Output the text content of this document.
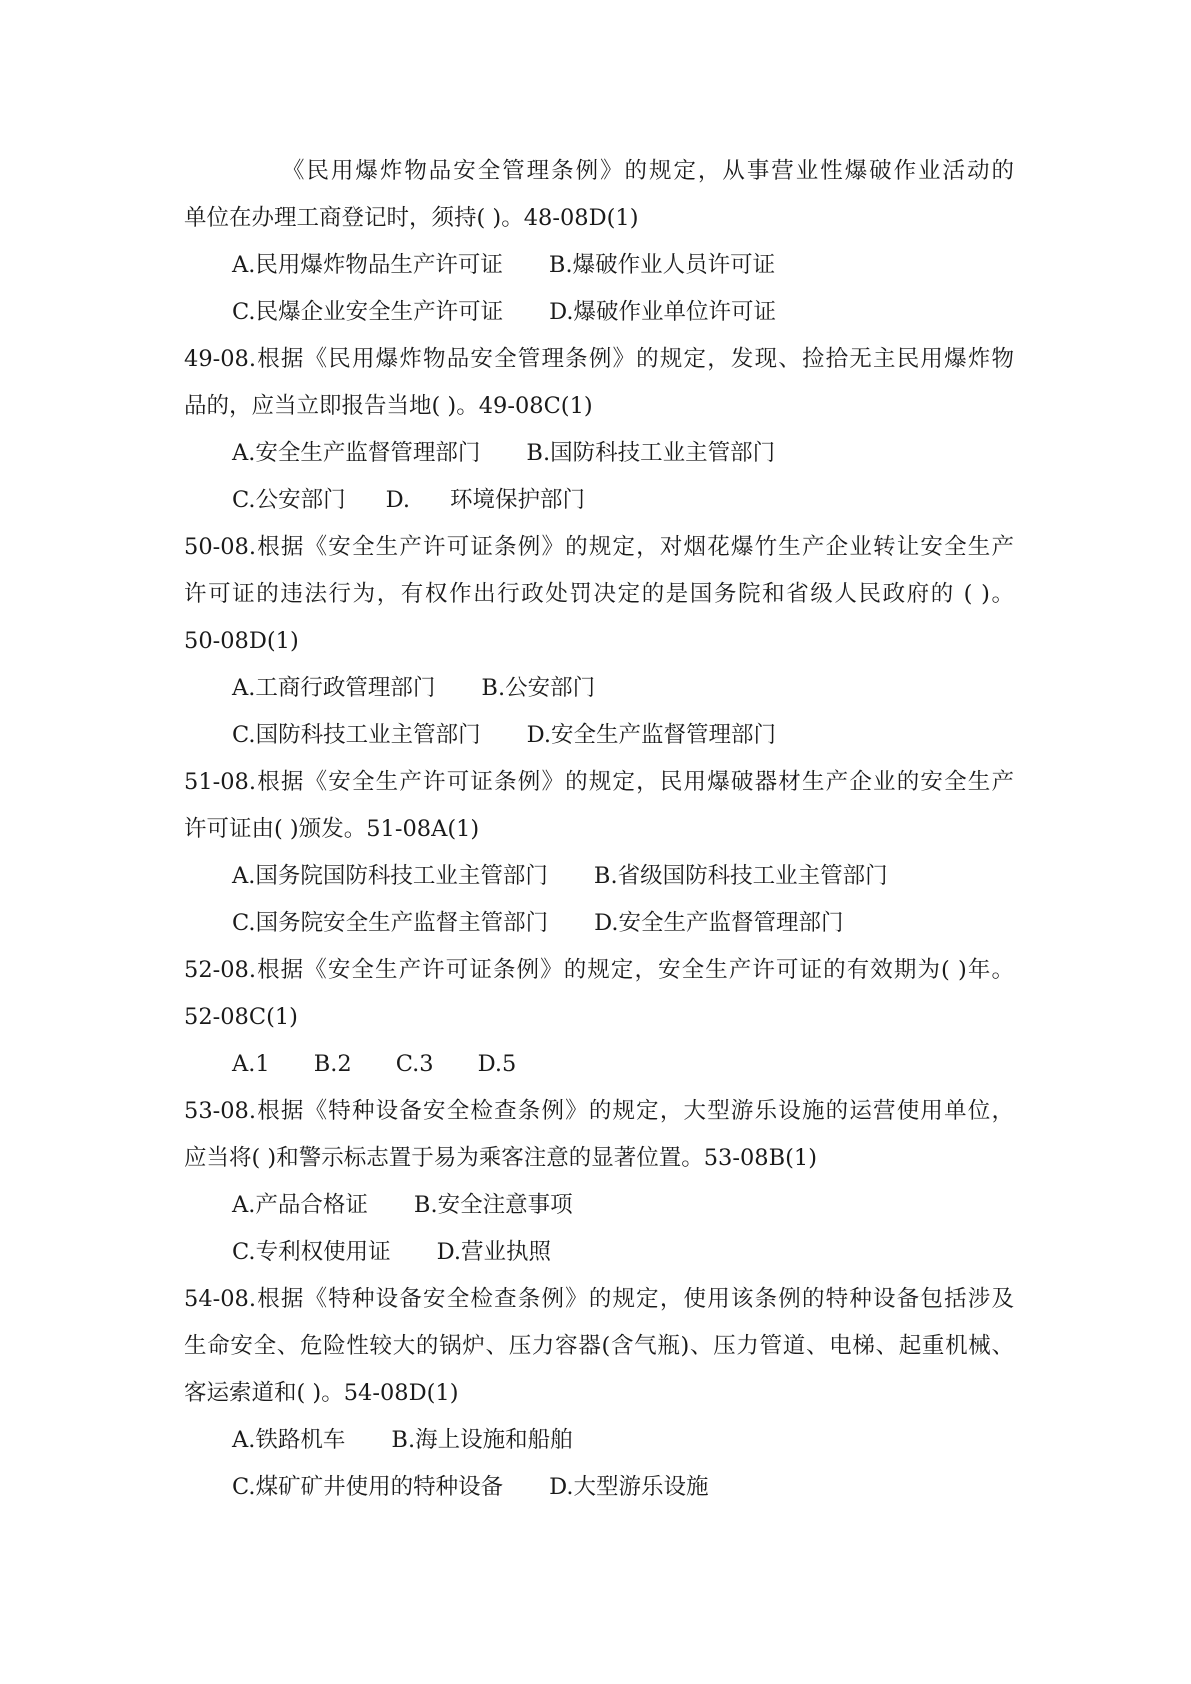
《民用爆炸物品安全管理条例》的规定，从事营业性爆破作业活动的
单位在办理工商登记时，须持( )。48-08D(1)
A.民用爆炸物品生产许可证 B.爆破作业人员许可证
C.民爆企业安全生产许可证 D.爆破作业单位许可证
49-08.根据《民用爆炸物品安全管理条例》的规定，发现、捡拾无主民用爆炸物
品的，应当立即报告当地( )。49-08C(1)
A.安全生产监督管理部门 B.国防科技工业主管部门
C.公安部门 D. 环境保护部门
50-08.根据《安全生产许可证条例》的规定，对烟花爆竹生产企业转让安全生产
许可证的违法行为，有权作出行政处罚决定的是国务院和省级人民政府的 ( )。
50-08D(1)
A.工商行政管理部门 B.公安部门
C.国防科技工业主管部门 D.安全生产监督管理部门
51-08.根据《安全生产许可证条例》的规定，民用爆破器材生产企业的安全生产
许可证由( )颁发。51-08A(1)
A.国务院国防科技工业主管部门 B.省级国防科技工业主管部门
C.国务院安全生产监督主管部门 D.安全生产监督管理部门
52-08.根据《安全生产许可证条例》的规定，安全生产许可证的有效期为( )年。
52-08C(1)
A.1 B.2 C.3 D.5
53-08.根据《特种设备安全检查条例》的规定，大型游乐设施的运营使用单位，
应当将( )和警示标志置于易为乘客注意的显著位置。53-08B(1)
A.产品合格证 B.安全注意事项
C.专利权使用证 D.营业执照
54-08.根据《特种设备安全检查条例》的规定，使用该条例的特种设备包括涉及
生命安全、危险性较大的锅炉、压力容器(含气瓶)、压力管道、电梯、起重机械、
客运索道和( )。54-08D(1)
A.铁路机车 B.海上设施和船舶
C.煤矿矿井使用的特种设备 D.大型游乐设施
